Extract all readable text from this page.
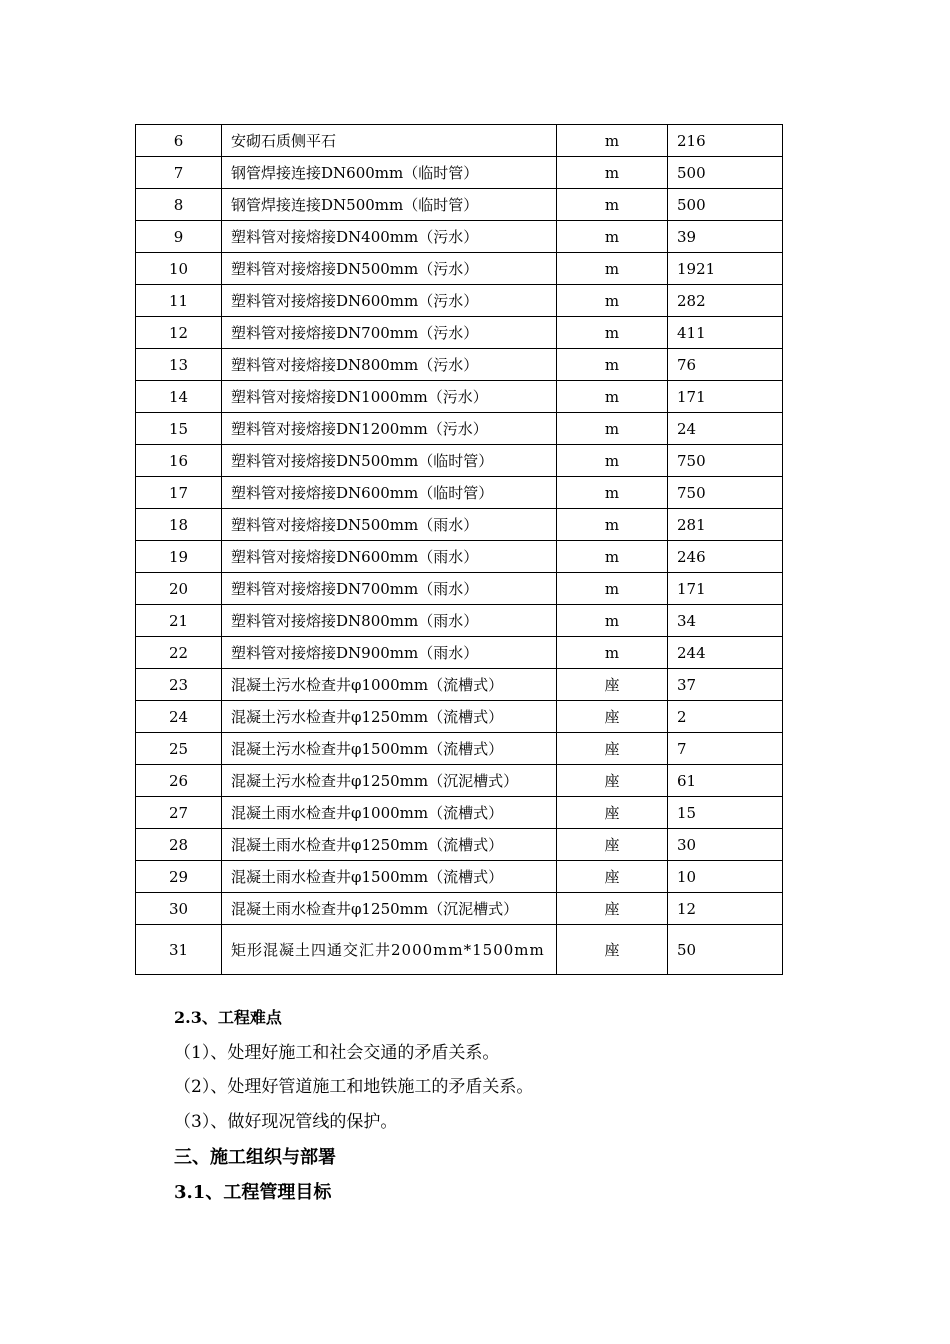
6	安砌石质侧平石	m	216
7	钢管焊接连接DN600mm（临时管）	m	500
8	钢管焊接连接DN500mm（临时管）	m	500
9	塑料管对接熔接DN400mm（污水）	m	39
10	塑料管对接熔接DN500mm（污水）	m	1921
11	塑料管对接熔接DN600mm（污水）	m	282
12	塑料管对接熔接DN700mm（污水）	m	411
13	塑料管对接熔接DN800mm（污水）	m	76
14	塑料管对接熔接DN1000mm（污水）	m	171
15	塑料管对接熔接DN1200mm（污水）	m	24
16	塑料管对接熔接DN500mm（临时管）	m	750
17	塑料管对接熔接DN600mm（临时管）	m	750
18	塑料管对接熔接DN500mm（雨水）	m	281
19	塑料管对接熔接DN600mm（雨水）	m	246
20	塑料管对接熔接DN700mm（雨水）	m	171
21	塑料管对接熔接DN800mm（雨水）	m	34
22	塑料管对接熔接DN900mm（雨水）	m	244
23	混凝土污水检查井φ1000mm（流槽式）	座	37
24	混凝土污水检查井φ1250mm（流槽式）	座	2
25	混凝土污水检查井φ1500mm（流槽式）	座	7
26	混凝土污水检查井φ1250mm（沉泥槽式）	座	61
27	混凝土雨水检查井φ1000mm（流槽式）	座	15
28	混凝土雨水检查井φ1250mm（流槽式）	座	30
29	混凝土雨水检查井φ1500mm（流槽式）	座	10
30	混凝土雨水检查井φ1250mm（沉泥槽式）	座	12
31	矩形混凝土四通交汇井2000mm*1500mm	座	50
2.3、工程难点
（1）、处理好施工和社会交通的矛盾关系。
（2）、处理好管道施工和地铁施工的矛盾关系。
（3）、做好现况管线的保护。
三、施工组织与部署
3.1、工程管理目标
